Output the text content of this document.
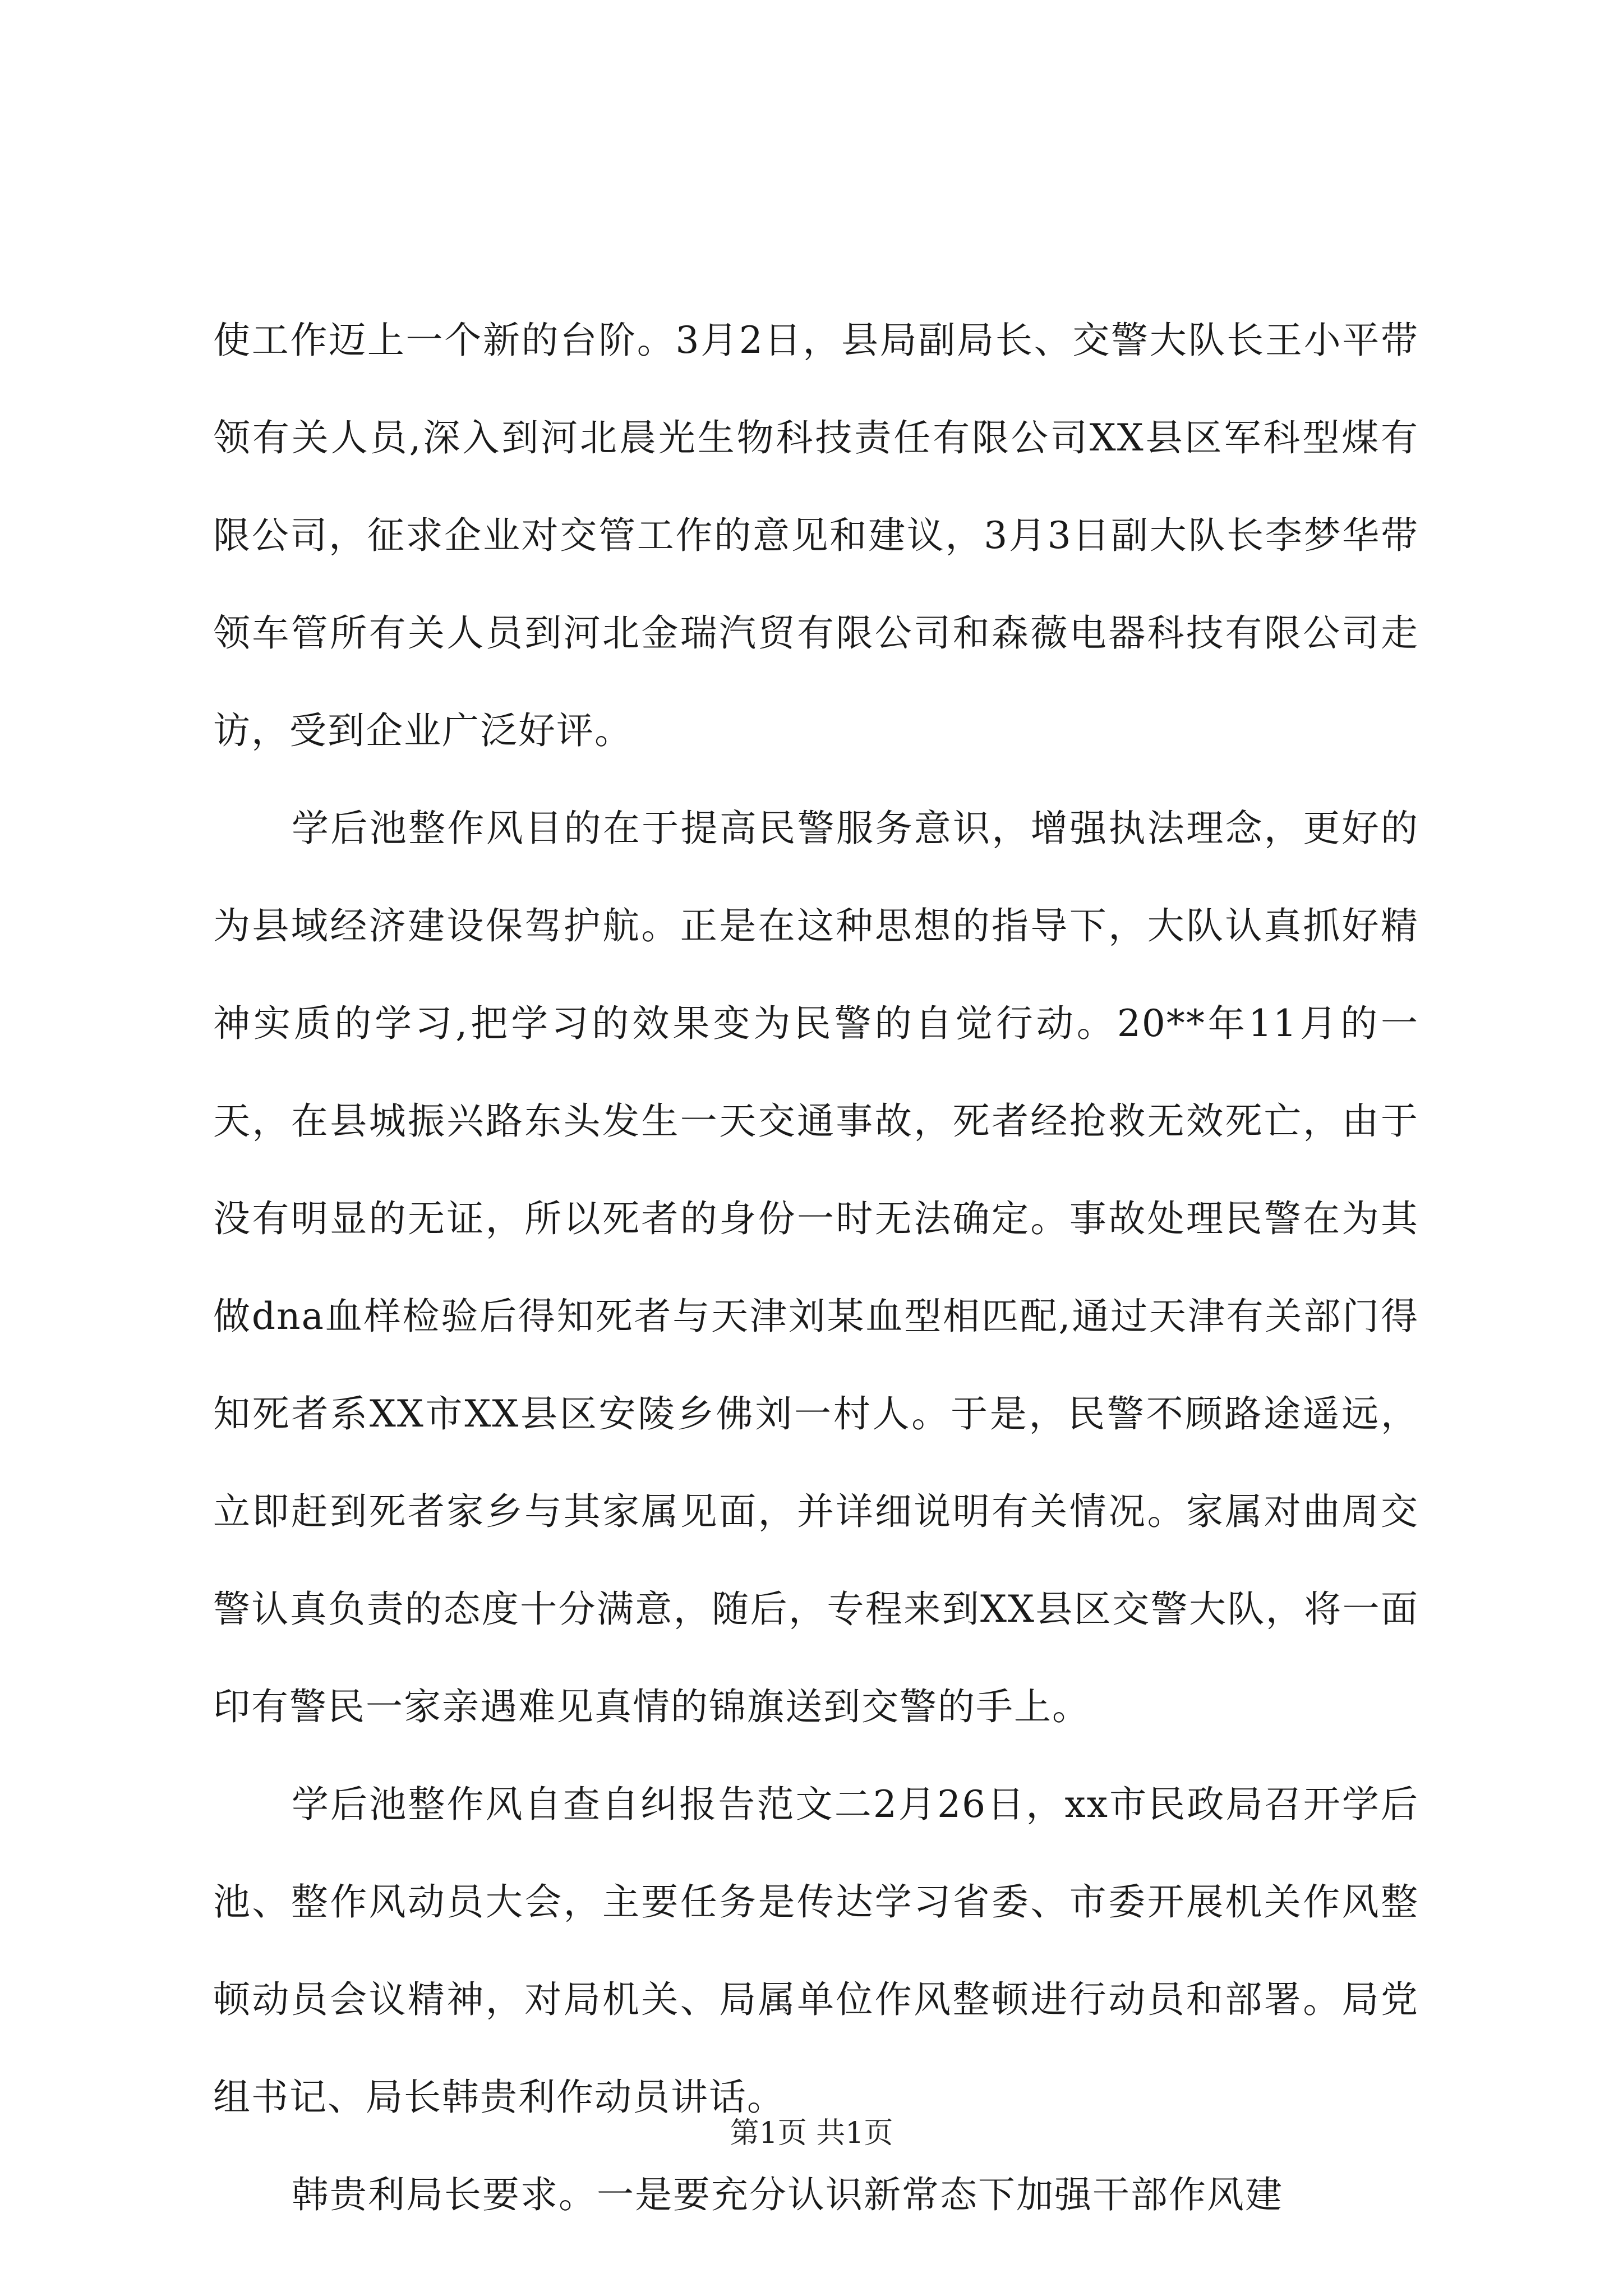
使工作迈上一个新的台阶。3月2日，县局副局长、交警大队长王小平带领有关人员,深入到河北晨光生物科技责任有限公司XX县区军科型煤有限公司，征求企业对交管工作的意见和建议，3月3日副大队长李梦华带领车管所有关人员到河北金瑞汽贸有限公司和森薇电器科技有限公司走访，受到企业广泛好评。

学后池整作风目的在于提高民警服务意识，增强执法理念，更好的为县域经济建设保驾护航。正是在这种思想的指导下，大队认真抓好精神实质的学习,把学习的效果变为民警的自觉行动。20**年11月的一天，在县城振兴路东头发生一天交通事故，死者经抢救无效死亡，由于没有明显的无证，所以死者的身份一时无法确定。事故处理民警在为其做dna血样检验后得知死者与天津刘某血型相匹配,通过天津有关部门得知死者系XX市XX县区安陵乡佛刘一村人。于是，民警不顾路途遥远，立即赶到死者家乡与其家属见面，并详细说明有关情况。家属对曲周交警认真负责的态度十分满意，随后，专程来到XX县区交警大队，将一面印有警民一家亲遇难见真情的锦旗送到交警的手上。

学后池整作风自查自纠报告范文二2月26日，xx市民政局召开学后池、整作风动员大会，主要任务是传达学习省委、市委开展机关作风整顿动员会议精神，对局机关、局属单位作风整顿进行动员和部署。局党组书记、局长韩贵利作动员讲话。

韩贵利局长要求。一是要充分认识新常态下加强干部作风建

第1页 共1页
